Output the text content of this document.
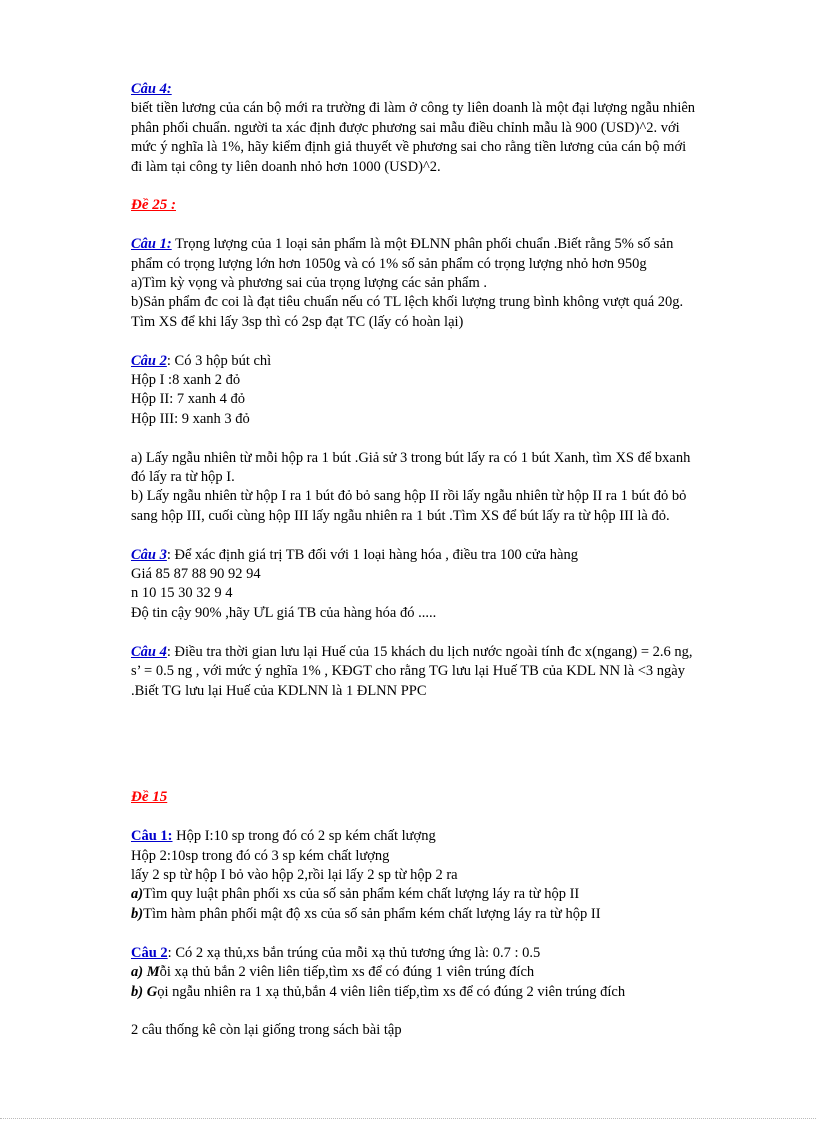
Câu 4:
biết tiền lương của cán bộ mới ra trường đi làm ở công ty liên doanh là một đại lượng ngẫu nhiên
phân phối chuẩn. người ta xác định được phương sai mẫu điều chỉnh mẫu là 900 (USD)^2. với
mức ý nghĩa là 1%, hãy kiểm định giả thuyết về phương sai cho rằng tiền lương của cán bộ mới
đi làm tại công ty liên doanh nhỏ hơn 1000 (USD)^2.
Đề 25 :
Câu 1: Trọng lượng của 1 loại sản phẩm là một ĐLNN phân phối chuẩn .Biết rằng 5% số sản
phẩm có trọng lượng lớn hơn 1050g và có 1% số sản phẩm có trọng lượng nhỏ hơn 950g
a)Tìm kỳ vọng và phương sai của trọng lượng các sản phẩm .
b)Sản phẩm đc coi là đạt tiêu chuẩn nếu có TL lệch khối lượng trung bình không vượt quá 20g.
Tìm XS để khi lấy 3sp thì có 2sp đạt TC (lấy có hoàn lại)
Câu 2: Có 3 hộp bút chì
Hộp I :8 xanh 2 đỏ
Hộp II: 7 xanh 4 đỏ
Hộp III: 9 xanh 3 đỏ
a) Lấy ngẫu nhiên từ mỗi hộp ra 1 bút .Giả sử 3 trong bút lấy ra có 1 bút Xanh, tìm XS để bxanh
đó lấy ra từ hộp I.
b) Lấy ngẫu nhiên từ hộp I ra 1 bút đỏ bỏ sang hộp II rồi lấy ngẫu nhiên từ hộp II ra 1 bút đỏ bỏ
sang hộp III, cuối cùng hộp III lấy ngẫu nhiên ra 1 bút .Tìm XS để bút lấy ra từ hộp III là đỏ.
Câu 3: Để xác định giá trị TB đối với 1 loại hàng hóa , điều tra 100 cửa hàng
Giá 85 87 88 90 92 94
n 10 15 30 32 9 4
Độ tin cậy 90% ,hãy ƯL giá TB của hàng hóa đó .....
Câu 4: Điều tra thời gian lưu lại Huế của 15 khách du lịch nước ngoài tính đc x(ngang) = 2.6 ng,
s’ = 0.5 ng , với mức ý nghĩa 1% , KĐGT cho rằng TG lưu lại Huế TB của KDL NN là <3 ngày
.Biết TG lưu lại Huế của KDLNN là 1 ĐLNN PPC
Đề 15
Câu 1: Hộp I:10 sp trong đó có 2 sp kém chất lượng
Hộp 2:10sp trong đó có 3 sp kém chất lượng
lấy 2 sp từ hộp I bỏ vào hộp 2,rồi lại lấy 2 sp từ hộp 2 ra
a)Tìm quy luật phân phối xs của số sản phẩm kém chất lượng láy ra từ hộp II
b)Tìm hàm phân phối mật độ xs của số sản phẩm kém chất lượng láy ra từ hộp II
Câu 2: Có 2 xạ thủ,xs bắn trúng của mỗi xạ thủ tương ứng là: 0.7 : 0.5
a) Mỗi xạ thủ bắn 2 viên liên tiếp,tìm xs để có đúng 1 viên trúng đích
b) Gọi ngẫu nhiên ra 1 xạ thủ,bắn 4 viên liên tiếp,tìm xs để có đúng 2 viên trúng đích
2 câu thống kê còn lại giống trong sách bài tập
